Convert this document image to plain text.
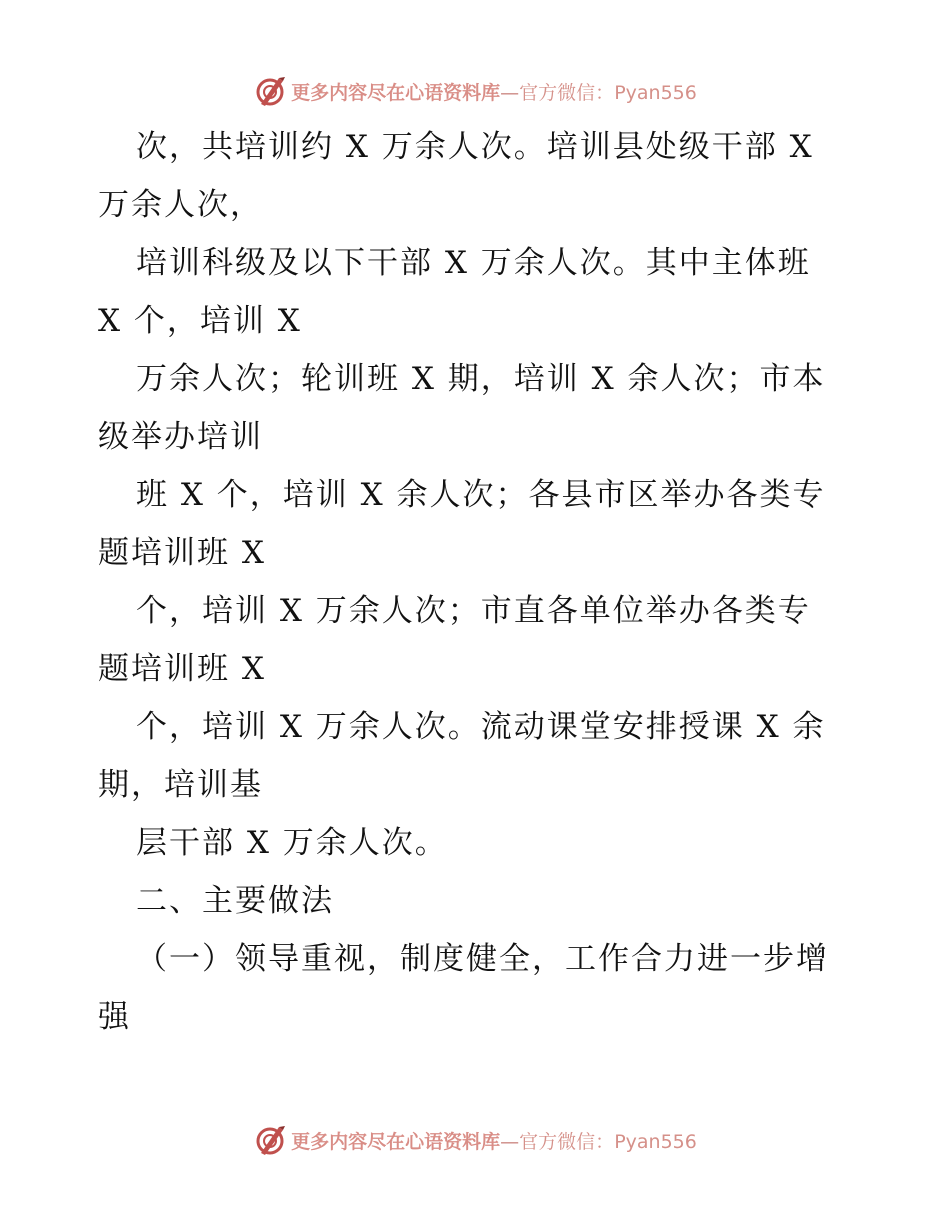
更多内容尽在心语资料库—官方微信：Pyan556
次，共培训约 X 万余人次。培训县处级干部 X
万余人次，
培训科级及以下干部 X 万余人次。其中主体班
X 个，培训 X
万余人次；轮训班 X 期，培训 X 余人次；市本
级举办培训
班 X 个，培训 X 余人次；各县市区举办各类专
题培训班 X
个，培训 X 万余人次；市直各单位举办各类专
题培训班 X
个，培训 X 万余人次。流动课堂安排授课 X 余
期，培训基
层干部 X 万余人次。
二、主要做法
（一）领导重视，制度健全，工作合力进一步增
强
更多内容尽在心语资料库—官方微信：Pyan556
